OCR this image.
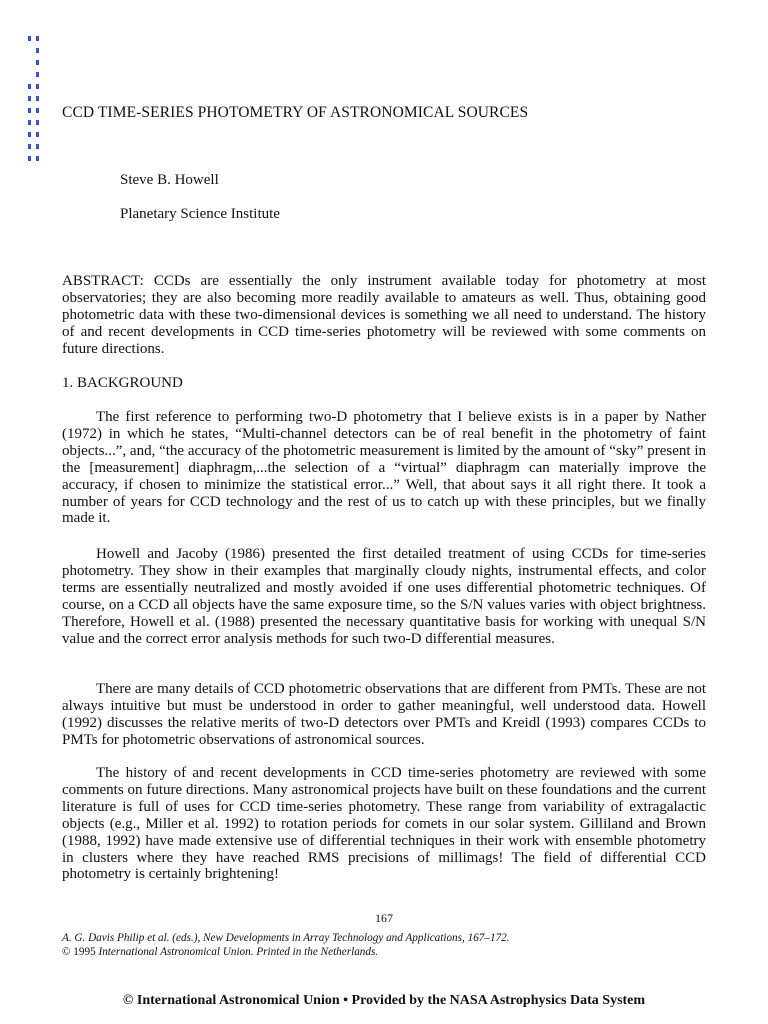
CCD TIME-SERIES PHOTOMETRY OF ASTRONOMICAL SOURCES
Steve B. Howell
Planetary Science Institute

ABSTRACT: CCDs are essentially the only instrument available today for photometry at most observatories; they are also becoming more readily available to amateurs as well. Thus, obtaining good photometric data with these two-dimensional devices is something we all need to understand. The history of and recent developments in CCD time-series photometry will be reviewed with some comments on future directions.

1. BACKGROUND

The first reference to performing two-D photometry that I believe exists is in a paper by Nather (1972) in which he states, “Multi-channel detectors can be of real benefit in the photometry of faint objects...”, and, “the accuracy of the photometric measurement is limited by the amount of “sky” present in the [measurement] diaphragm,...the selection of a “virtual” diaphragm can materially improve the accuracy, if chosen to minimize the statistical error...” Well, that about says it all right there. It took a number of years for CCD technology and the rest of us to catch up with these principles, but we finally made it.

Howell and Jacoby (1986) presented the first detailed treatment of using CCDs for time-series photometry. They show in their examples that marginally cloudy nights, instrumental effects, and color terms are essentially neutralized and mostly avoided if one uses differential photometric techniques. Of course, on a CCD all objects have the same exposure time, so the S/N values varies with object brightness. Therefore, Howell et al. (1988) presented the necessary quantitative basis for working with unequal S/N value and the correct error analysis methods for such two-D differential measures.

There are many details of CCD photometric observations that are different from PMTs. These are not always intuitive but must be understood in order to gather meaningful, well understood data. Howell (1992) discusses the relative merits of two-D detectors over PMTs and Kreidl (1993) compares CCDs to PMTs for photometric observations of astronomical sources.

The history of and recent developments in CCD time-series photometry are reviewed with some comments on future directions. Many astronomical projects have built on these foundations and the current literature is full of uses for CCD time-series photometry. These range from variability of extragalactic objects (e.g., Miller et al. 1992) to rotation periods for comets in our solar system. Gilliland and Brown (1988, 1992) have made extensive use of differential techniques in their work with ensemble photometry in clusters where they have reached RMS precisions of millimags! The field of differential CCD photometry is certainly brightening!

167
A. G. Davis Philip et al. (eds.), New Developments in Array Technology and Applications, 167–172.
© 1995 International Astronomical Union. Printed in the Netherlands.
© International Astronomical Union • Provided by the NASA Astrophysics Data System
